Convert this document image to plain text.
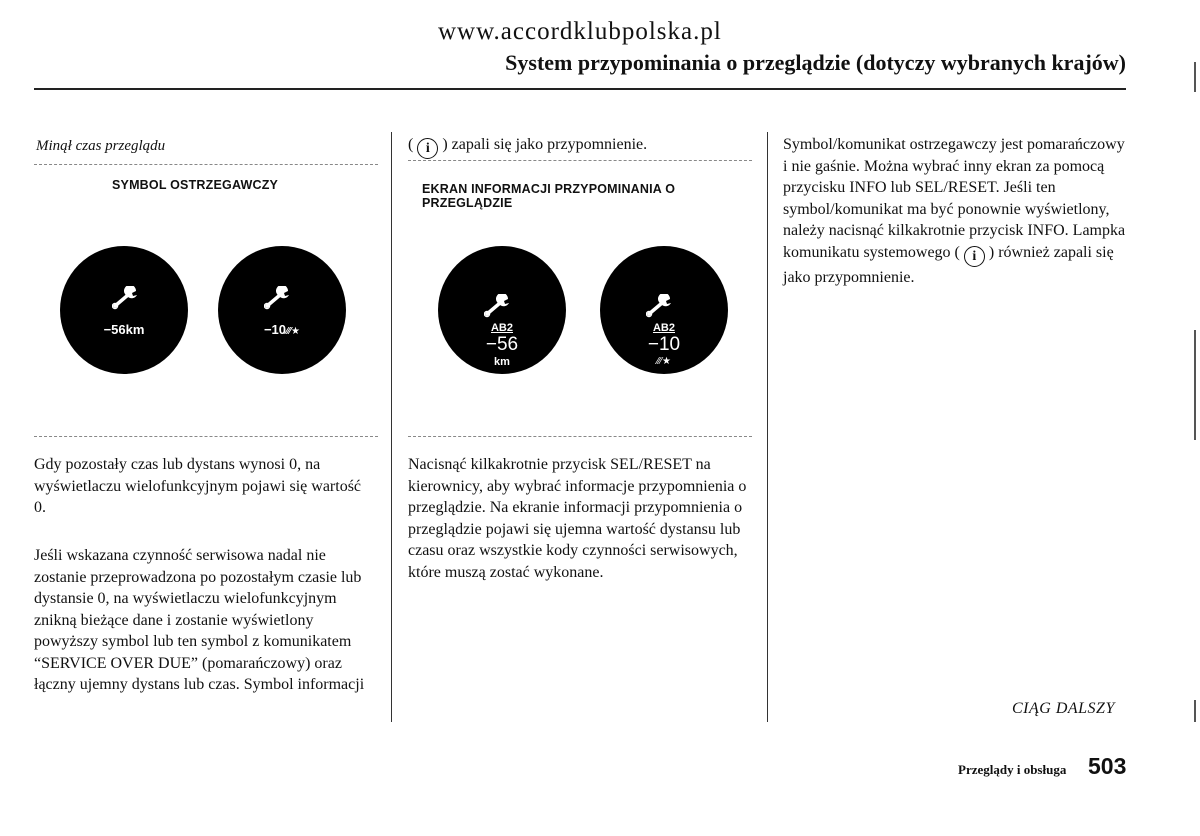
www.accordklubpolska.pl
System przypominania o przeglądzie (dotyczy wybranych krajów)
Minął czas przeglądu
SYMBOL OSTRZEGAWCZY
−56km	−10⁄⁄⁄★
Gdy pozostały czas lub dystans wynosi 0, na wyświetlaczu wielofunkcyjnym pojawi się wartość 0.
Jeśli wskazana czynność serwisowa nadal nie zostanie przeprowadzona po pozostałym czasie lub dystansie 0, na wyświetlaczu wielofunkcyjnym znikną bieżące dane i zostanie wyświetlony powyższy symbol lub ten symbol z komunikatem “SERVICE OVER DUE” (pomarańczowy) oraz łączny ujemny dystans lub czas. Symbol informacji
( i ) zapali się jako przypomnienie.
EKRAN INFORMACJI PRZYPOMINANIA O PRZEGLĄDZIE
AB2
−56
km
AB2
−10
⁄⁄⁄★
Nacisnąć kilkakrotnie przycisk SEL/RESET na kierownicy, aby wybrać informacje przypomnienia o przeglądzie. Na ekranie informacji przypomnienia o przeglądzie pojawi się ujemna wartość dystansu lub czasu oraz wszystkie kody czynności serwisowych, które muszą zostać wykonane.
Symbol/komunikat ostrzegawczy jest pomarańczowy i nie gaśnie. Można wybrać inny ekran za pomocą przycisku INFO lub SEL/RESET. Jeśli ten symbol/komunikat ma być ponownie wyświetlony, należy nacisnąć kilkakrotnie przycisk INFO. Lampka komunikatu systemowego ( i ) również zapali się jako przypomnienie.
CIĄG DALSZY
Przeglądy i obsługa 503
